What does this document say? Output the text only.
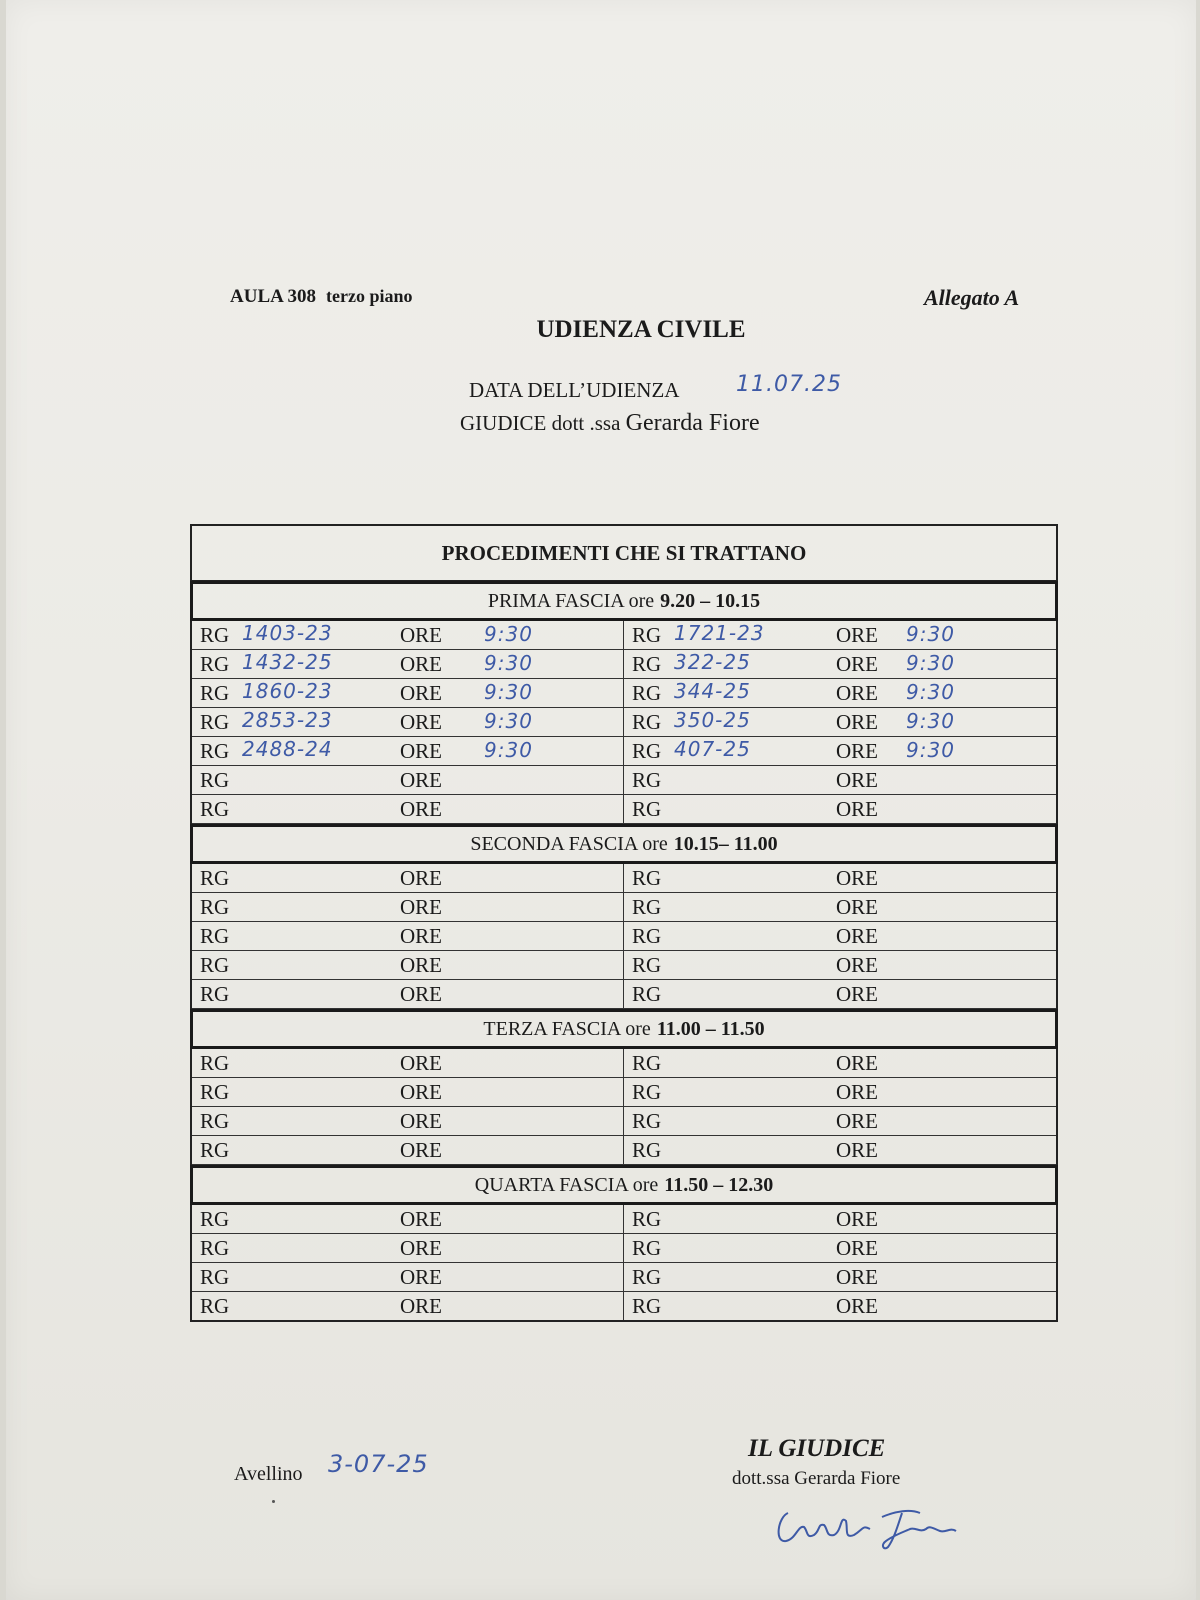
AULA 308 terzo piano	Allegato A
UDIENZA CIVILE
DATA DELL’UDIENZA	11.07.25
GIUDICE dott .ssa Gerarda Fiore
PROCEDIMENTI CHE SI TRATTANO
PRIMA FASCIA ore 9.20 – 10.15
RG 1403-23	ORE 9:30	RG 1721-23	ORE 9:30
RG 1432-25	ORE 9:30	RG 322-25	ORE 9:30
RG 1860-23	ORE 9:30	RG 344-25	ORE 9:30
RG 2853-23	ORE 9:30	RG 350-25	ORE 9:30
RG 2488-24	ORE 9:30	RG 407-25	ORE 9:30
RG	ORE	RG	ORE
RG	ORE	RG	ORE
SECONDA FASCIA ore 10.15– 11.00
RG	ORE	RG	ORE
RG	ORE	RG	ORE
RG	ORE	RG	ORE
RG	ORE	RG	ORE
RG	ORE	RG	ORE
TERZA FASCIA ore 11.00 – 11.50
RG	ORE	RG	ORE
RG	ORE	RG	ORE
RG	ORE	RG	ORE
RG	ORE	RG	ORE
QUARTA FASCIA ore 11.50 – 12.30
RG	ORE	RG	ORE
RG	ORE	RG	ORE
RG	ORE	RG	ORE
RG	ORE	RG	ORE
Avellino 3-07-25
IL GIUDICE
dott.ssa Gerarda Fiore
